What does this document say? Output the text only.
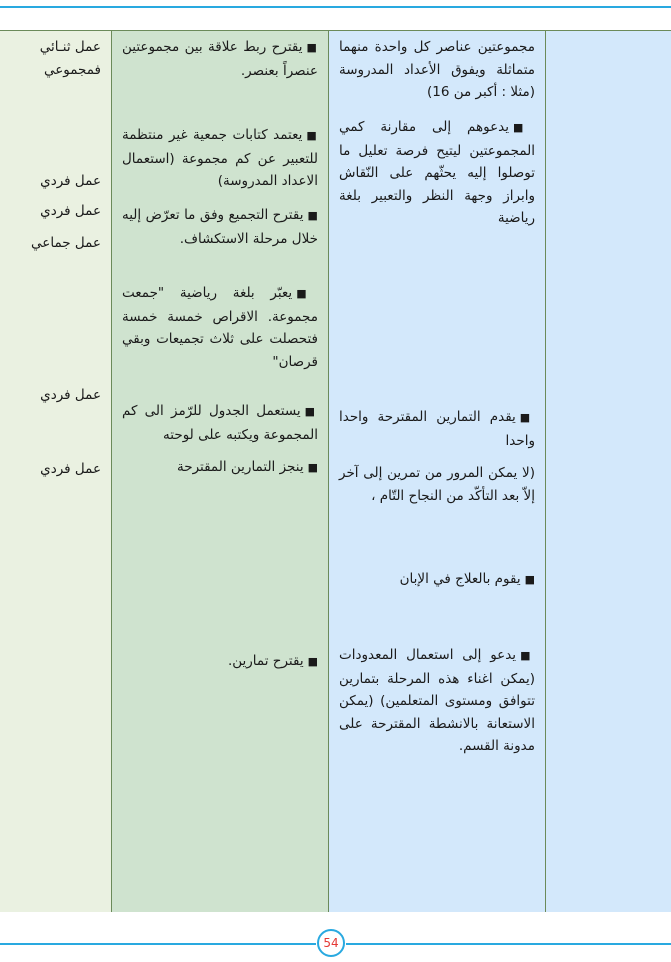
مجموعتين عناصر كل واحدة منهما متماثلة ويفوق الأعداد المدروسة (مثلا : أكبر من 16)
■يدعوهم إلى مقارنة كمي المجموعتين ليتيح فرصة تعليل ما توصلوا إليه يحثّهم على النّقاش وابراز وجهة النظر والتعبير بلغة رياضية
■يقدم التمارين المقترحة واحدا واحدا
(لا يمكن المرور من تمرين إلى آخر إلاّ بعد التأكّد من النجاح التّام ،
■يقوم بالعلاج في الإبان
■يدعو إلى استعمال المعدودات (يمكن اغناء هذه المرحلة بتمارين تتوافق ومستوى المتعلمين) (يمكن الاستعانة بالانشطة المقترحة على مدونة القسم.
■يقترح ربط علاقة بين مجموعتين عنصراً بعنصر.
■يعتمد كتابات جمعية غير منتظمة للتعبير عن كم مجموعة (استعمال الاعداد المدروسة)
■يقترح التجميع وفق ما تعرّض إليه خلال مرحلة الاستكشاف.
■يعبّر بلغة رياضية "جمعت مجموعة. الاقراص خمسة خمسة فتحصلت على ثلاث تجميعات وبقي قرصان"
■يستعمل الجدول للرّمز الى كم المجموعة ويكتبه على لوحته
■ينجز التمارين المقترحة
■يقترح تمارين.
عمل ثنـائي فمجموعي
عمل فردي
عمل فردي
عمل جماعي
عمل فردي
عمل فردي
54
